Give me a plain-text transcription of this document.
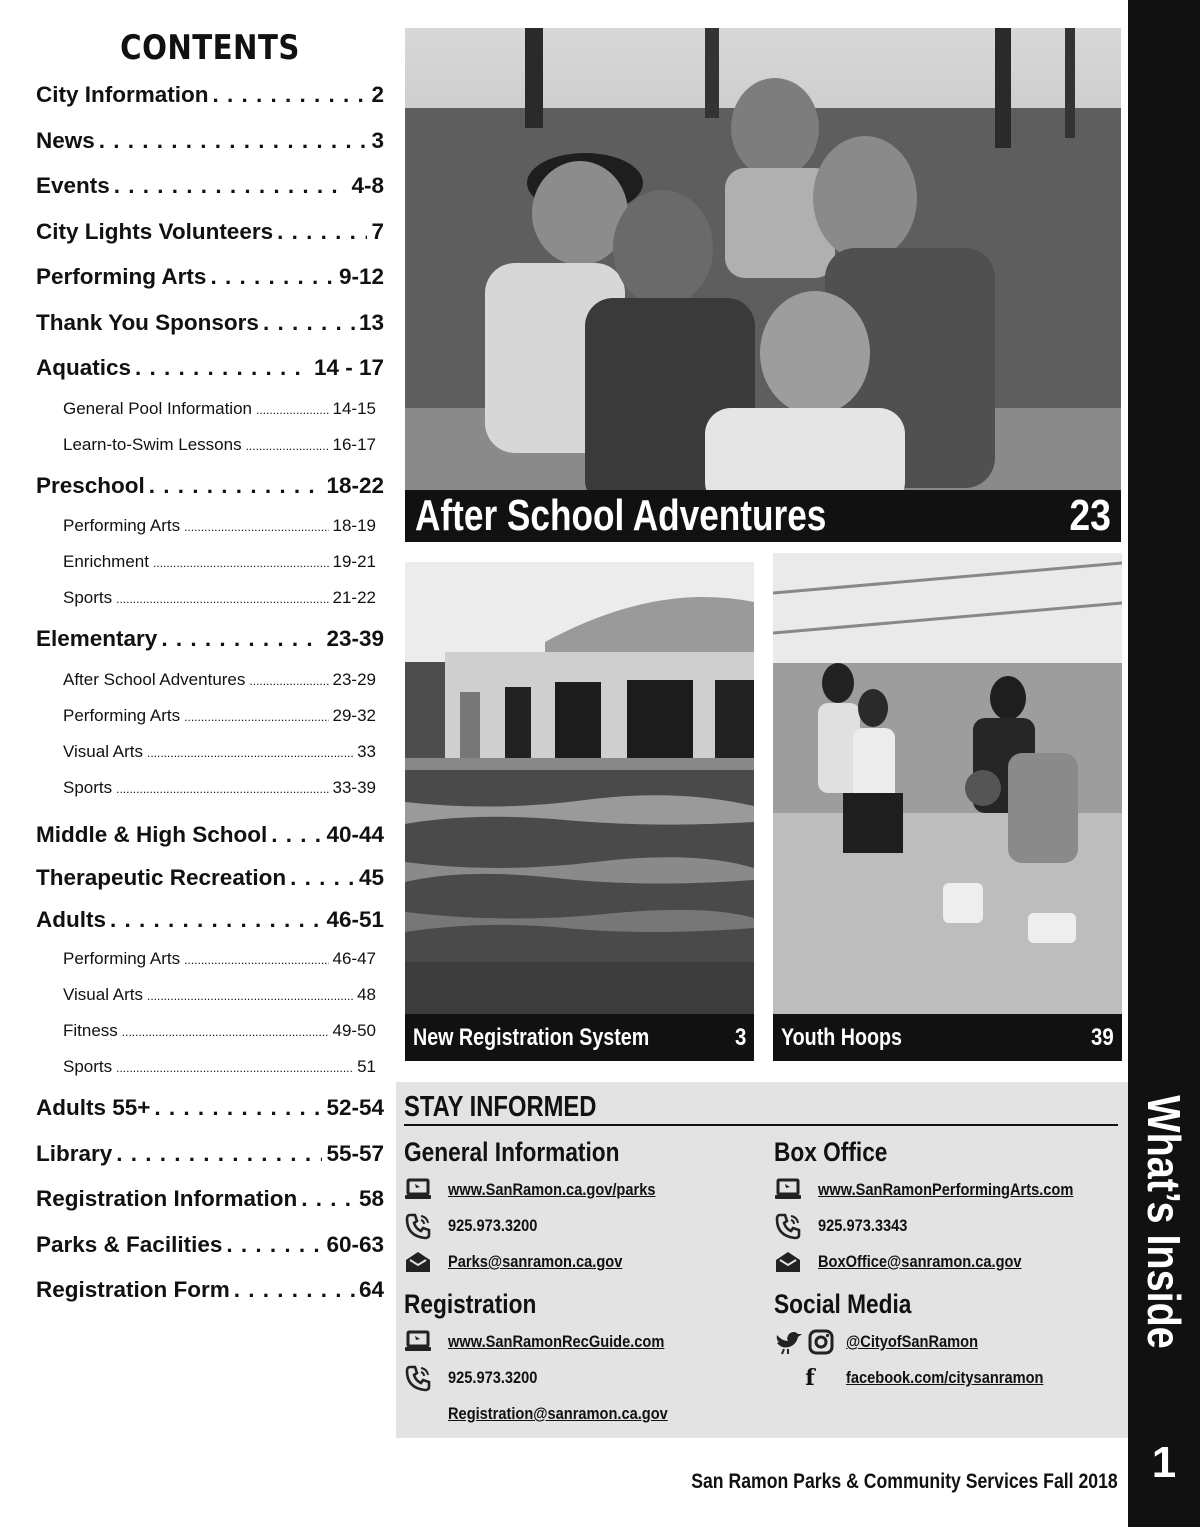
CONTENTS
City Information . . .	2
News . . .	3
Events . . .	4-8
City Lights Volunteers . . .	7
Performing Arts . . .	9-12
Thank You Sponsors . . .	13
Aquatics . . .	14 - 17
General Pool Information .....	14-15
Learn-to-Swim Lessons .....	16-17
Preschool . . .	18-22
Performing Arts .....	18-19
Enrichment .....	19-21
Sports .....	21-22
Elementary . . .	23-39
After School Adventures .....	23-29
Performing Arts .....	29-32
Visual Arts .....	33
Sports .....	33-39
Middle & High School . . .	40-44
Therapeutic Recreation . . .	45
Adults . . .	46-51
Performing Arts .....	46-47
Visual Arts .....	48
Fitness .....	49-50
Sports .....	51
Adults 55+ . . .	52-54
Library . . .	55-57
Registration Information . . .	58
Parks & Facilities . . .	60-63
Registration Form . . .	64
After School Adventures	23
New Registration System	3 Youth Hoops	39
STAY INFORMED
General Information
www.SanRamon.ca.gov/parks
925.973.3200
Parks@sanramon.ca.gov
Box Office
www.SanRamonPerformingArts.com
925.973.3343
BoxOffice@sanramon.ca.gov
Registration
www.SanRamonRecGuide.com
925.973.3200
Registration@sanramon.ca.gov
Social Media
@CityofSanRamon
f facebook.com/citysanramon
What’s Inside
1
San Ramon Parks & Community Services Fall 2018
